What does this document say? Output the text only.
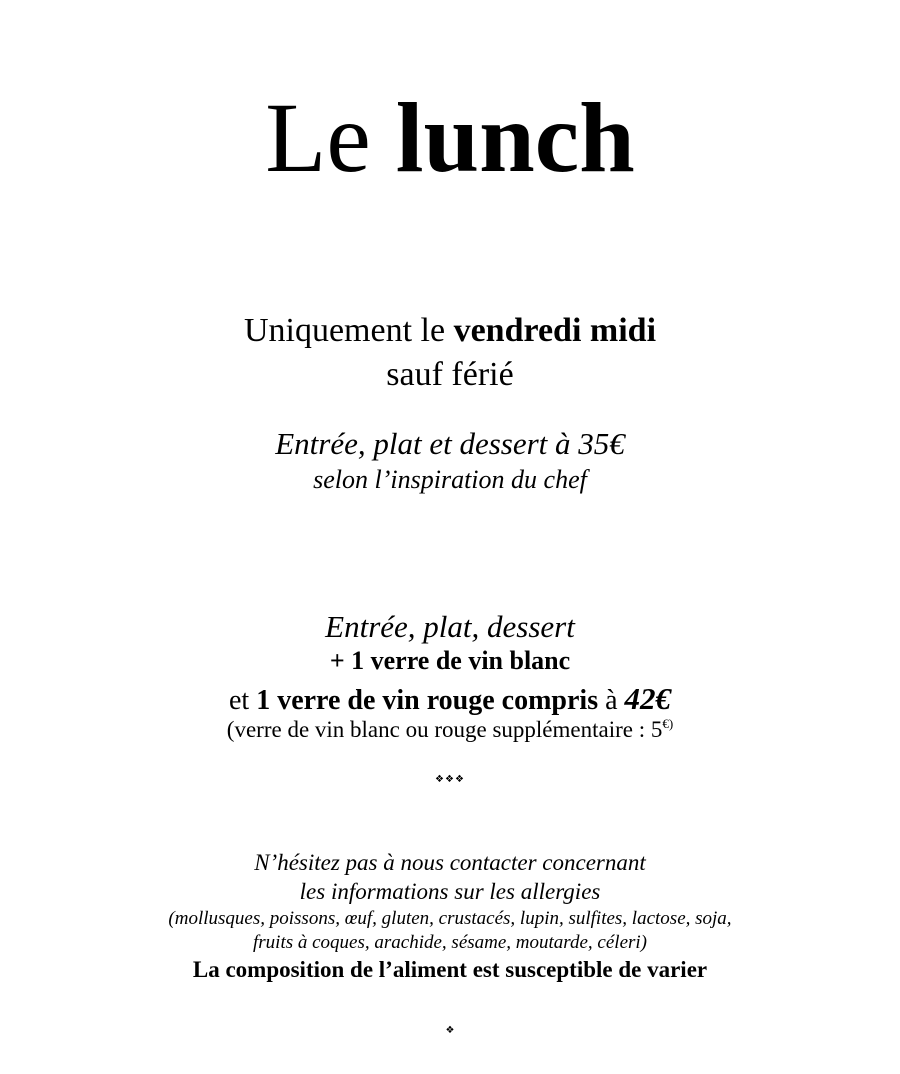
Le lunch
Uniquement le vendredi midi
sauf férié
Entrée, plat et dessert à 35€
selon l’inspiration du chef
Entrée, plat, dessert
+ 1 verre de vin blanc
et 1 verre de vin rouge compris à 42€
(verre de vin blanc ou rouge supplémentaire : 5€)
❖❖❖
N’hésitez pas à nous contacter concernant
les informations sur les allergies
(mollusques, poissons, œuf, gluten, crustacés, lupin, sulfites, lactose, soja,
fruits à coques, arachide, sésame, moutarde, céleri)
La composition de l’aliment est susceptible de varier
❖
